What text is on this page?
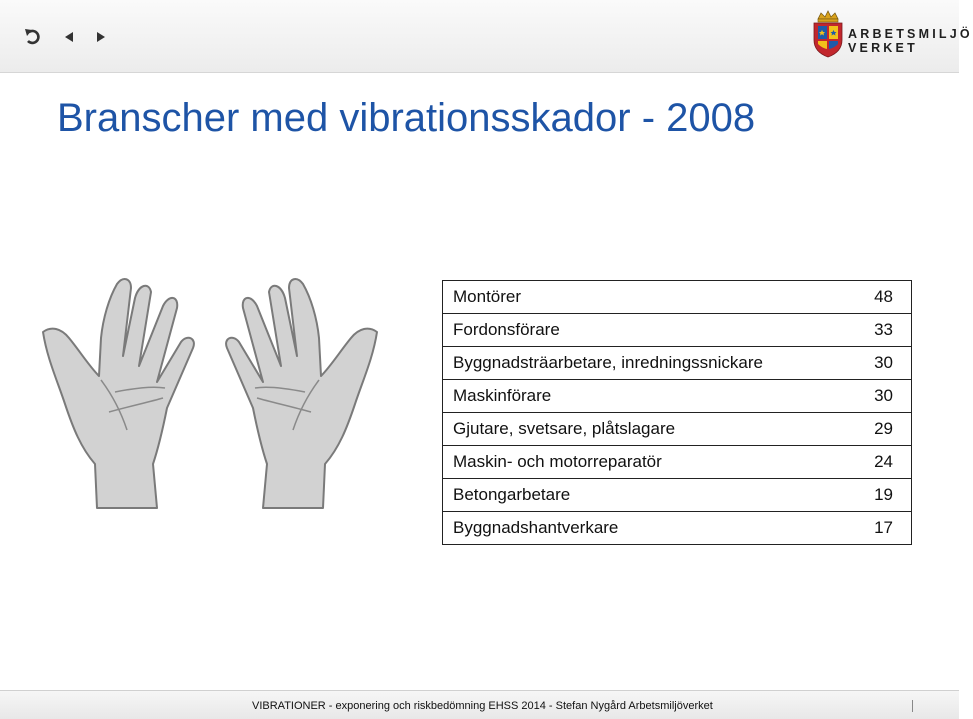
ARBETSMILJÖ
VERKET
Branscher med vibrationsskador - 2008
Montörer	48
Fordonsförare	33
Byggnadsträarbetare, inredningssnickare	30
Maskinförare	30
Gjutare, svetsare, plåtslagare	29
Maskin- och motorreparatör	24
Betongarbetare	19
Byggnadshantverkare	17
VIBRATIONER - exponering och riskbedömning EHSS 2014 - Stefan Nygård Arbetsmiljöverket
